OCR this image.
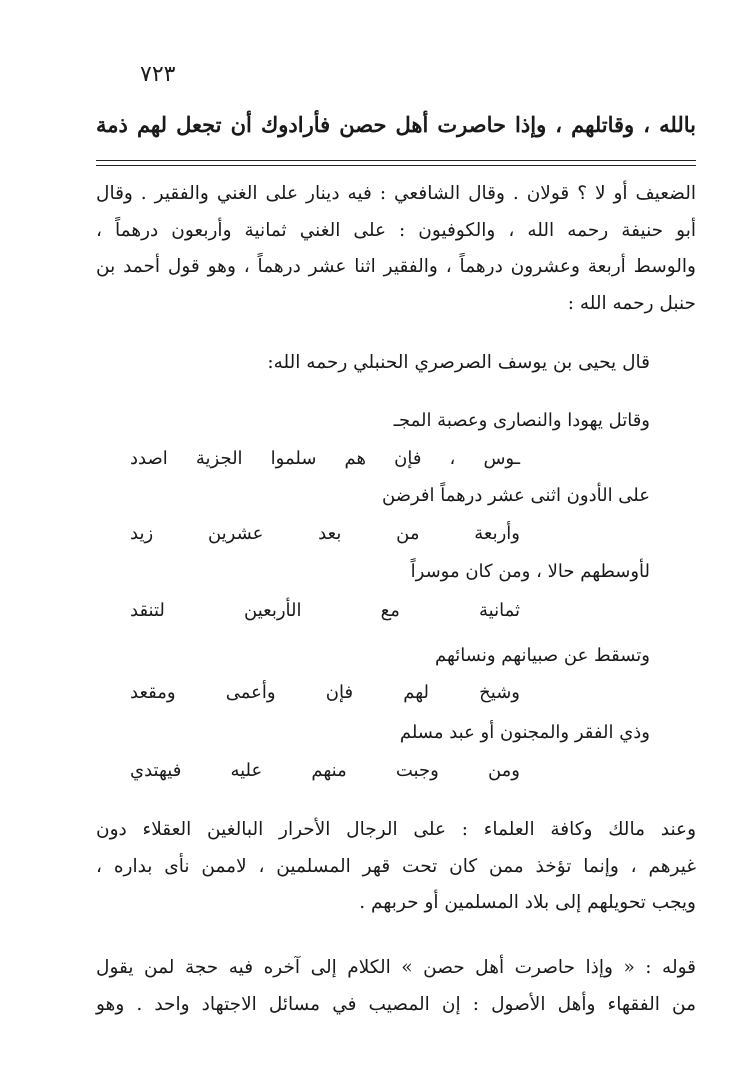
٧٢٣
بالله ، وقاتلهم ، وإذا حاصرت أهل حصن فأرادوك أن تجعل لهم ذمة
الضعيف أو لا ؟ قولان . وقال الشافعي : فيه دينار على الغني والفقير . وقال
أبو حنيفة رحمه الله ، والكوفيون : على الغني ثمانية وأربعون درهماً ،
والوسط أربعة وعشرون درهماً ، والفقير اثنا عشر درهماً ، وهو قول أحمد بن
حنبل رحمه الله :
قال يحيى بن يوسف الصرصري الحنبلي رحمه الله:
وقاتل يهودا والنصارى وعصبة المجـ
ـوس ، فإن هم سلموا الجزية اصدد
على الأدون اثنى عشر درهماً افرضن
وأربعة من بعد عشرين زيد
لأوسطهم حالا ، ومن كان موسراً
ثمانية مع الأربعين لتنقد
وتسقط عن صبيانهم ونسائهم
وشيخ لهم فإن وأعمى ومقعد
وذي الفقر والمجنون أو عبد مسلم
ومن وجبت منهم عليه فيهتدي
وعند مالك وكافة العلماء : على الرجال الأحرار البالغين العقلاء دون
غيرهم ، وإنما تؤخذ ممن كان تحت قهر المسلمين ، لاممن نأى بداره ،
ويجب تحويلهم إلى بلاد المسلمين أو حربهم .
قوله : « وإذا حاصرت أهل حصن » الكلام إلى آخره فيه حجة لمن يقول
من الفقهاء وأهل الأصول : إن المصيب في مسائل الاجتهاد واحد . وهو
